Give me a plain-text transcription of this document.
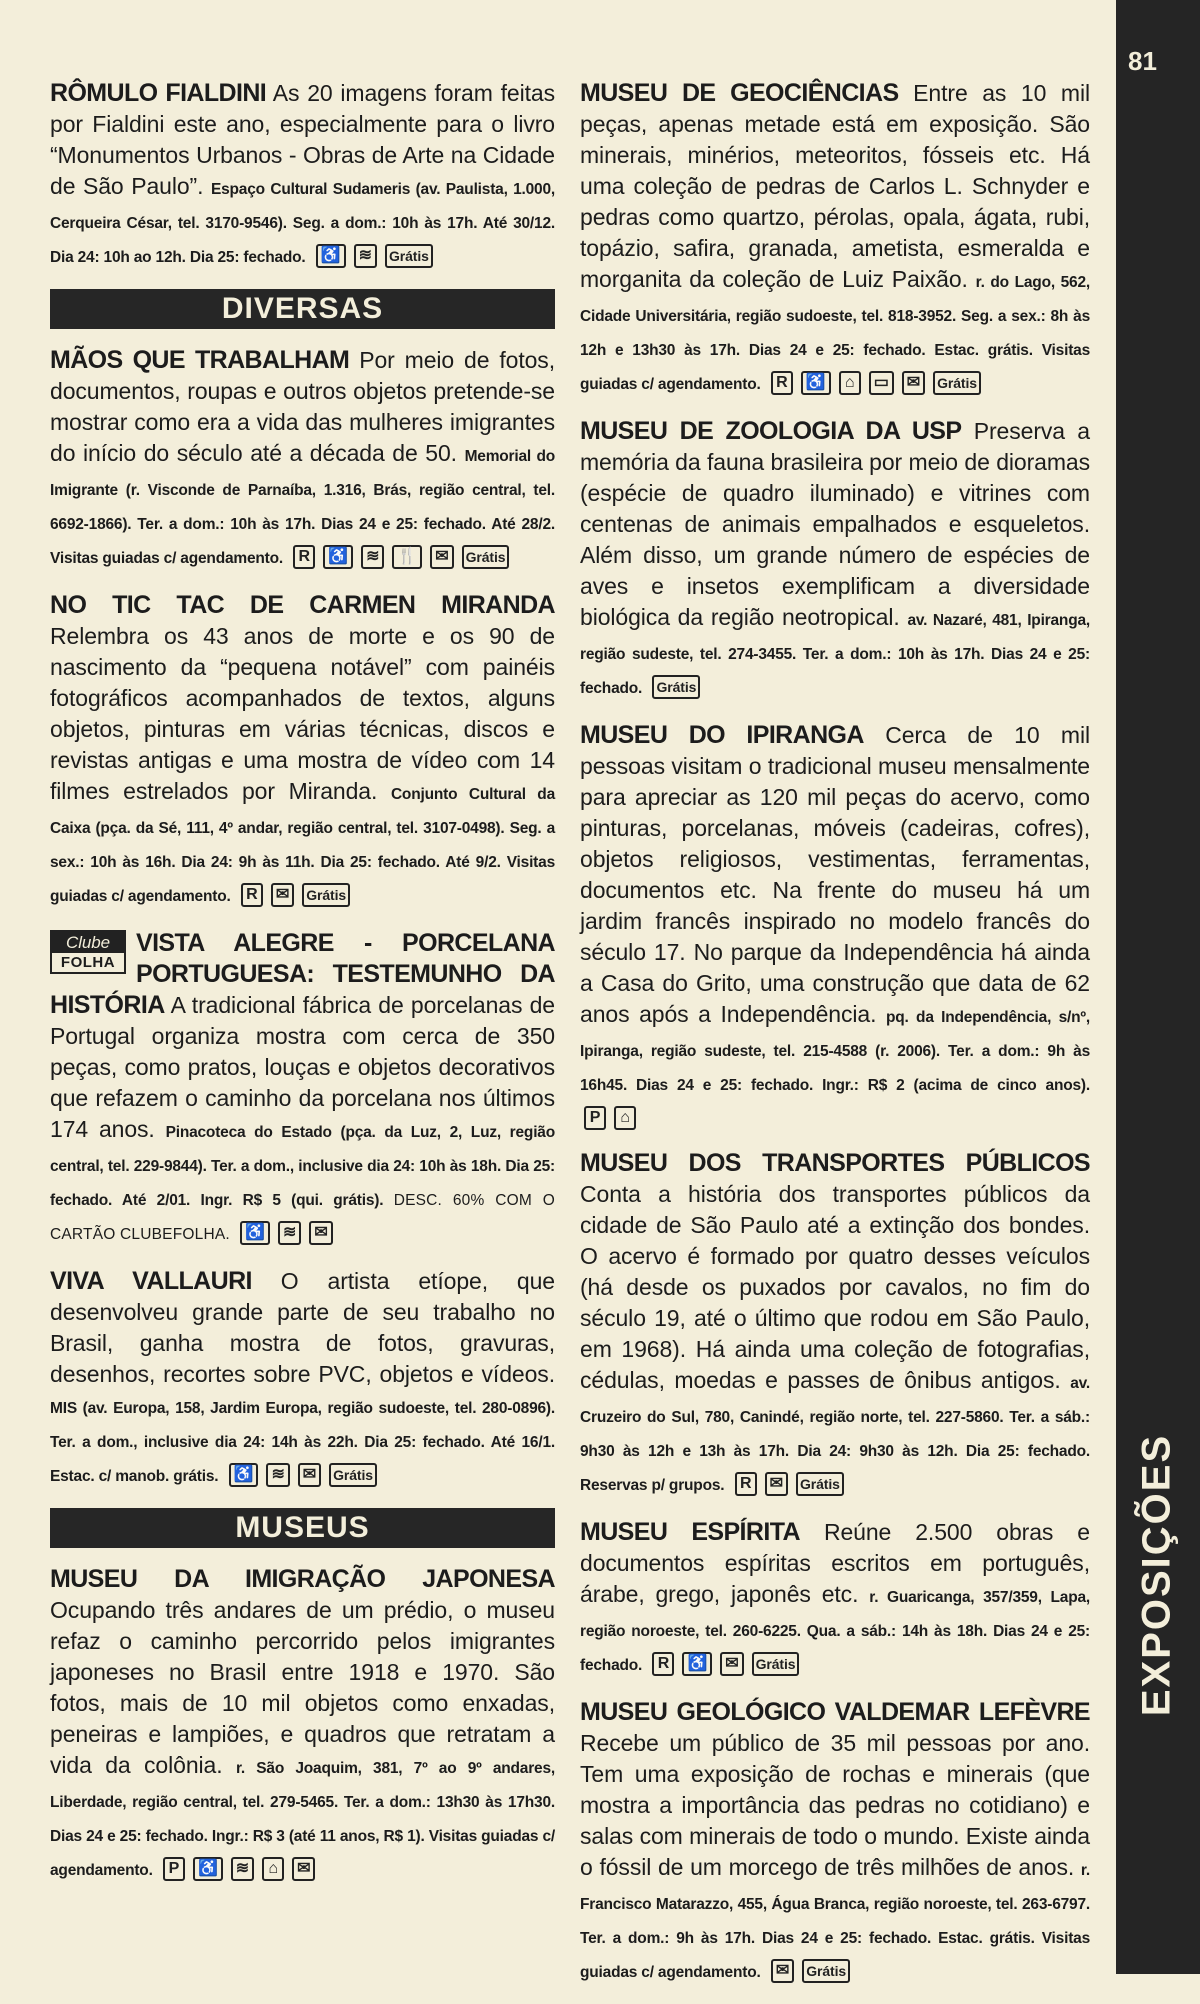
81
EXPOSIÇÕES

RÔMULO FIALDINI As 20 imagens foram feitas por Fialdini este ano, especialmente para o livro “Monumentos Urbanos - Obras de Arte na Cidade de São Paulo”. Espaço Cultural Sudameris (av. Paulista, 1.000, Cerqueira César, tel. 3170-9546). Seg. a dom.: 10h às 17h. Até 30/12. Dia 24: 10h ao 12h. Dia 25: fechado. ♿ ≋ Grátis

DIVERSAS

MÃOS QUE TRABALHAM Por meio de fotos, documentos, roupas e outros objetos pretende-se mostrar como era a vida das mulheres imigrantes do início do século até a década de 50. Memorial do Imigrante (r. Visconde de Parnaíba, 1.316, Brás, região central, tel. 6692-1866). Ter. a dom.: 10h às 17h. Dias 24 e 25: fechado. Até 28/2. Visitas guiadas c/ agendamento. R ♿ ≋ 🍴 ✉ Grátis

NO TIC TAC DE CARMEN MIRANDA Relembra os 43 anos de morte e os 90 de nascimento da “pequena notável” com painéis fotográficos acompanhados de textos, alguns objetos, pinturas em várias técnicas, discos e revistas antigas e uma mostra de vídeo com 14 filmes estrelados por Miranda. Conjunto Cultural da Caixa (pça. da Sé, 111, 4º andar, região central, tel. 3107-0498). Seg. a sex.: 10h às 16h. Dia 24: 9h às 11h. Dia 25: fechado. Até 9/2. Visitas guiadas c/ agendamento. R ✉ Grátis

Clube
FOLHA
VISTA ALEGRE - PORCELANA PORTUGUESA: TESTEMUNHO DA HISTÓRIA A tradicional fábrica de porcelanas de Portugal organiza mostra com cerca de 350 peças, como pratos, louças e objetos decorativos que refazem o caminho da porcelana nos últimos 174 anos. Pinacoteca do Estado (pça. da Luz, 2, Luz, região central, tel. 229-9844). Ter. a dom., inclusive dia 24: 10h às 18h. Dia 25: fechado. Até 2/01. Ingr. R$ 5 (qui. grátis). DESC. 60% COM O CARTÃO CLUBEFOLHA. ♿ ≋ ✉

VIVA VALLAURI O artista etíope, que desenvolveu grande parte de seu trabalho no Brasil, ganha mostra de fotos, gravuras, desenhos, recortes sobre PVC, objetos e vídeos. MIS (av. Europa, 158, Jardim Europa, região sudoeste, tel. 280-0896). Ter. a dom., inclusive dia 24: 14h às 22h. Dia 25: fechado. Até 16/1. Estac. c/ manob. grátis. ♿ ≋ ✉ Grátis

MUSEUS

MUSEU DA IMIGRAÇÃO JAPONESA Ocupando três andares de um prédio, o museu refaz o caminho percorrido pelos imigrantes japoneses no Brasil entre 1918 e 1970. São fotos, mais de 10 mil objetos como enxadas, peneiras e lampiões, e quadros que retratam a vida da colônia. r. São Joaquim, 381, 7º ao 9º andares, Liberdade, região central, tel. 279-5465. Ter. a dom.: 13h30 às 17h30. Dias 24 e 25: fechado. Ingr.: R$ 3 (até 11 anos, R$ 1). Visitas guiadas c/ agendamento. P ♿ ≋ ⌂ ✉

MUSEU DE GEOCIÊNCIAS Entre as 10 mil peças, apenas metade está em exposição. São minerais, minérios, meteoritos, fósseis etc. Há uma coleção de pedras de Carlos L. Schnyder e pedras como quartzo, pérolas, opala, ágata, rubi, topázio, safira, granada, ametista, esmeralda e morganita da coleção de Luiz Paixão. r. do Lago, 562, Cidade Universitária, região sudoeste, tel. 818-3952. Seg. a sex.: 8h às 12h e 13h30 às 17h. Dias 24 e 25: fechado. Estac. grátis. Visitas guiadas c/ agendamento. R ♿ ⌂ ▭ ✉ Grátis

MUSEU DE ZOOLOGIA DA USP Preserva a memória da fauna brasileira por meio de dioramas (espécie de quadro iluminado) e vitrines com centenas de animais empalhados e esqueletos. Além disso, um grande número de espécies de aves e insetos exemplificam a diversidade biológica da região neotropical. av. Nazaré, 481, Ipiranga, região sudeste, tel. 274-3455. Ter. a dom.: 10h às 17h. Dias 24 e 25: fechado. Grátis

MUSEU DO IPIRANGA Cerca de 10 mil pessoas visitam o tradicional museu mensalmente para apreciar as 120 mil peças do acervo, como pinturas, porcelanas, móveis (cadeiras, cofres), objetos religiosos, vestimentas, ferramentas, documentos etc. Na frente do museu há um jardim francês inspirado no modelo francês do século 17. No parque da Independência há ainda a Casa do Grito, uma construção que data de 62 anos após a Independência. pq. da Independência, s/nº, Ipiranga, região sudeste, tel. 215-4588 (r. 2006). Ter. a dom.: 9h às 16h45. Dias 24 e 25: fechado. Ingr.: R$ 2 (acima de cinco anos). P ⌂

MUSEU DOS TRANSPORTES PÚBLICOS Conta a história dos transportes públicos da cidade de São Paulo até a extinção dos bondes. O acervo é formado por quatro desses veículos (há desde os puxados por cavalos, no fim do século 19, até o último que rodou em São Paulo, em 1968). Há ainda uma coleção de fotografias, cédulas, moedas e passes de ônibus antigos. av. Cruzeiro do Sul, 780, Canindé, região norte, tel. 227-5860. Ter. a sáb.: 9h30 às 12h e 13h às 17h. Dia 24: 9h30 às 12h. Dia 25: fechado. Reservas p/ grupos. R ✉ Grátis

MUSEU ESPÍRITA Reúne 2.500 obras e documentos espíritas escritos em português, árabe, grego, japonês etc. r. Guaricanga, 357/359, Lapa, região noroeste, tel. 260-6225. Qua. a sáb.: 14h às 18h. Dias 24 e 25: fechado. R ♿ ✉ Grátis

MUSEU GEOLÓGICO VALDEMAR LEFÈVRE Recebe um público de 35 mil pessoas por ano. Tem uma exposição de rochas e minerais (que mostra a importância das pedras no cotidiano) e salas com minerais de todo o mundo. Existe ainda o fóssil de um morcego de três milhões de anos. r. Francisco Matarazzo, 455, Água Branca, região noroeste, tel. 263-6797. Ter. a dom.: 9h às 17h. Dias 24 e 25: fechado. Estac. grátis. Visitas guiadas c/ agendamento. ✉ Grátis
